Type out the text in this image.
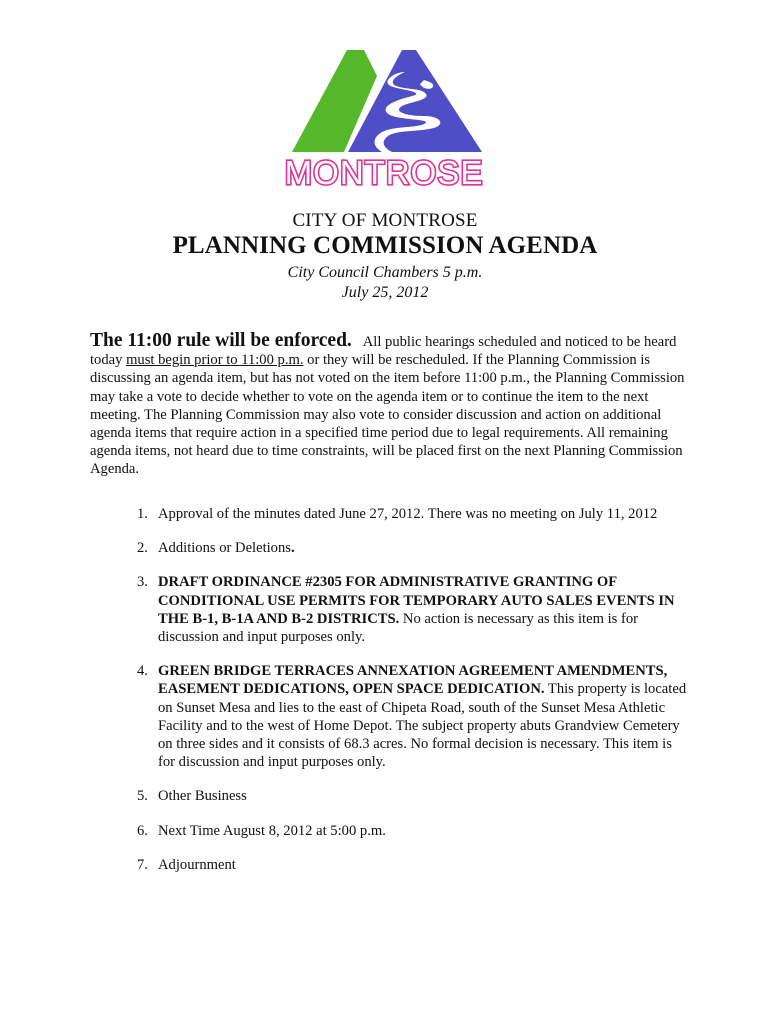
MONTROSE
CITY OF MONTROSE
PLANNING COMMISSION AGENDA
City Council Chambers 5 p.m.
July 25, 2012
The 11:00 rule will be enforced. All public hearings scheduled and noticed to be heard today must begin prior to 11:00 p.m. or they will be rescheduled. If the Planning Commission is discussing an agenda item, but has not voted on the item before 11:00 p.m., the Planning Commission may take a vote to decide whether to vote on the agenda item or to continue the item to the next meeting. The Planning Commission may also vote to consider discussion and action on additional agenda items that require action in a specified time period due to legal requirements. All remaining agenda items, not heard due to time constraints, will be placed first on the next Planning Commission Agenda.
1. Approval of the minutes dated June 27, 2012. There was no meeting on July 11, 2012
2. Additions or Deletions.
3. DRAFT ORDINANCE #2305 FOR ADMINISTRATIVE GRANTING OF CONDITIONAL USE PERMITS FOR TEMPORARY AUTO SALES EVENTS IN THE B-1, B-1A AND B-2 DISTRICTS. No action is necessary as this item is for discussion and input purposes only.
4. GREEN BRIDGE TERRACES ANNEXATION AGREEMENT AMENDMENTS, EASEMENT DEDICATIONS, OPEN SPACE DEDICATION. This property is located on Sunset Mesa and lies to the east of Chipeta Road, south of the Sunset Mesa Athletic Facility and to the west of Home Depot. The subject property abuts Grandview Cemetery on three sides and it consists of 68.3 acres. No formal decision is necessary. This item is for discussion and input purposes only.
5. Other Business
6. Next Time August 8, 2012 at 5:00 p.m.
7. Adjournment
